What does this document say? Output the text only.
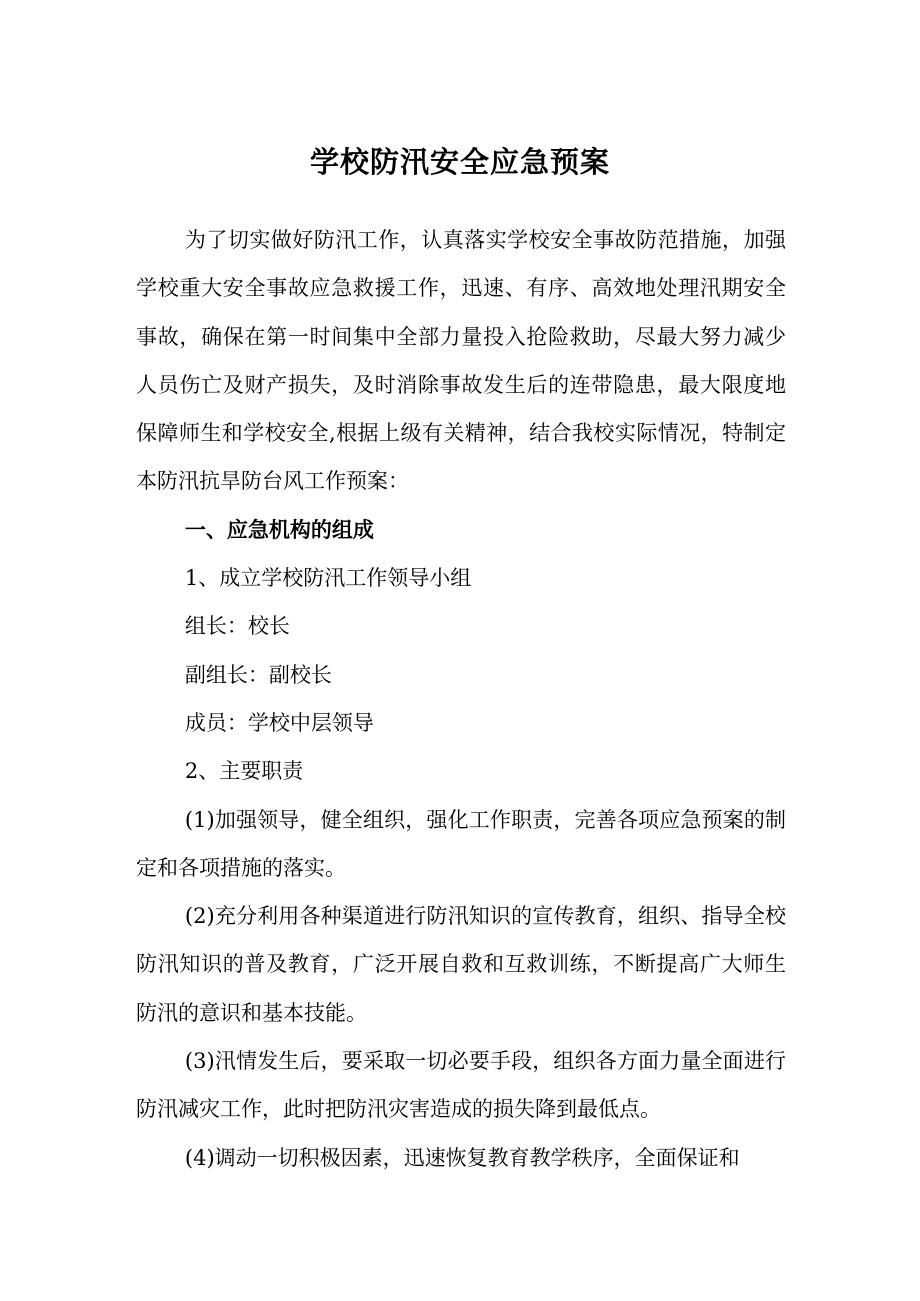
学校防汛安全应急预案

为了切实做好防汛工作，认真落实学校安全事故防范措施，加强学校重大安全事故应急救援工作，迅速、有序、高效地处理汛期安全事故，确保在第一时间集中全部力量投入抢险救助，尽最大努力减少人员伤亡及财产损失，及时消除事故发生后的连带隐患，最大限度地保障师生和学校安全,根据上级有关精神，结合我校实际情况，特制定本防汛抗旱防台风工作预案：

一、应急机构的组成

1、成立学校防汛工作领导小组

组长：校长

副组长：副校长

成员：学校中层领导

2、主要职责

(1)加强领导，健全组织，强化工作职责，完善各项应急预案的制定和各项措施的落实。

(2)充分利用各种渠道进行防汛知识的宣传教育，组织、指导全校防汛知识的普及教育，广泛开展自救和互救训练，不断提高广大师生防汛的意识和基本技能。

(3)汛情发生后，要采取一切必要手段，组织各方面力量全面进行防汛减灾工作，此时把防汛灾害造成的损失降到最低点。

(4)调动一切积极因素，迅速恢复教育教学秩序，全面保证和
